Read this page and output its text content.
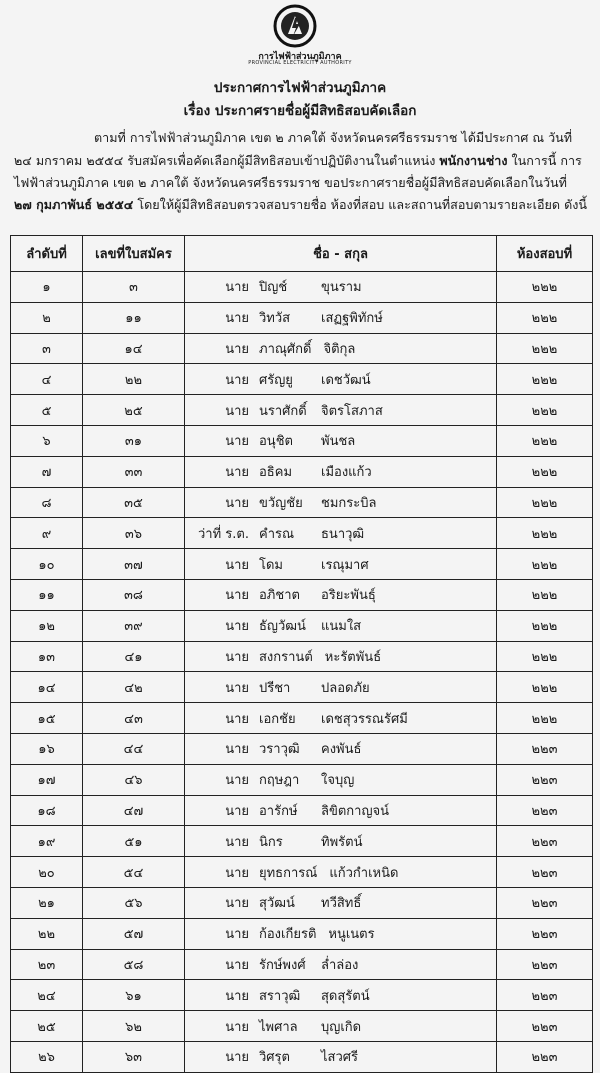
การไฟฟ้าส่วนภูมิภาค
PROVINCIAL ELECTRICITY AUTHORITY
ประกาศการไฟฟ้าส่วนภูมิภาค
เรื่อง ประกาศรายชื่อผู้มีสิทธิสอบคัดเลือก
ตามที่ การไฟฟ้าส่วนภูมิภาค เขต ๒ ภาคใต้ จังหวัดนครศรีธรรมราช ได้มีประกาศ ณ วันที่
๒๔ มกราคม ๒๕๕๔ รับสมัครเพื่อคัดเลือกผู้มีสิทธิสอบเข้าปฏิบัติงานในตำแหน่ง พนักงานช่าง ในการนี้ การ
ไฟฟ้าส่วนภูมิภาค เขต ๒ ภาคใต้ จังหวัดนครศรีธรรมราช ขอประกาศรายชื่อผู้มีสิทธิสอบคัดเลือกในวันที่
๒๗ กุมภาพันธ์ ๒๕๕๔ โดยให้ผู้มีสิทธิสอบตรวจสอบรายชื่อ ห้องที่สอบ และสถานที่สอบตามรายละเอียด ดังนี้
ลำดับที่	เลขที่ใบสมัคร	ชื่อ - สกุล	ห้องสอบที่
๑	๓	นาย ปิญช์ ขุนราม	๒๒๒
๒	๑๑	นาย วิทวัส เสฏฐพิทักษ์	๒๒๒
๓	๑๔	นาย ภาณุศักดิ์ จิติกุล	๒๒๒
๔	๒๒	นาย ศรัญยู เดชวัฒน์	๒๒๒
๕	๒๕	นาย นราศักดิ์ จิตรโสภาส	๒๒๒
๖	๓๑	นาย อนุชิต พันชล	๒๒๒
๗	๓๓	นาย อธิคม เมืองแก้ว	๒๒๒
๘	๓๕	นาย ขวัญชัย ชมกระบิล	๒๒๒
๙	๓๖	ว่าที่ ร.ต. คำรณ ธนาวุฒิ	๒๒๒
๑๐	๓๗	นาย โดม เรณุมาศ	๒๒๒
๑๑	๓๘	นาย อภิชาต อริยะพันธุ์	๒๒๒
๑๒	๓๙	นาย ธัญวัฒน์ แนมใส	๒๒๒
๑๓	๔๑	นาย สงกรานต์ หะรัตพันธ์	๒๒๒
๑๔	๔๒	นาย ปรีชา ปลอดภัย	๒๒๒
๑๕	๔๓	นาย เอกชัย เดชสุวรรณรัศมี	๒๒๒
๑๖	๔๔	นาย วราวุฒิ คงพันธ์	๒๒๓
๑๗	๔๖	นาย กฤษฎา ใจบุญ	๒๒๓
๑๘	๔๗	นาย อารักษ์ ลิขิตกาญจน์	๒๒๓
๑๙	๕๑	นาย นิกร ทิพรัตน์	๒๒๓
๒๐	๕๔	นาย ยุทธการณ์ แก้วกำเหนิด	๒๒๓
๒๑	๕๖	นาย สุวัฒน์ ทวีสิทธิ์	๒๒๓
๒๒	๕๗	นาย ก้องเกียรติ หนูเนตร	๒๒๓
๒๓	๕๘	นาย รักษ์พงศ์ ล่ำล่อง	๒๒๓
๒๔	๖๑	นาย สราวุฒิ สุดสุรัตน์	๒๒๓
๒๕	๖๒	นาย ไพศาล บุญเกิด	๒๒๓
๒๖	๖๓	นาย วิศรุต ไสวศรี	๒๒๓
